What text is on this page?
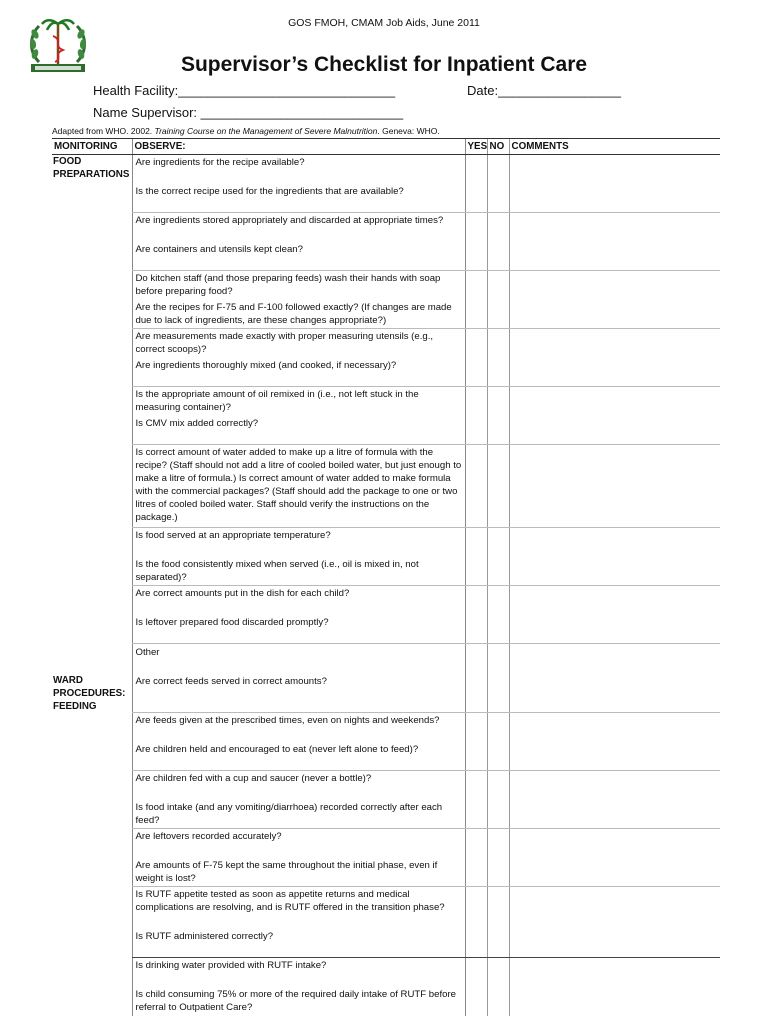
GOS FMOH, CMAM Job Aids, June 2011
Supervisor’s Checklist for Inpatient Care
Health Facility:______________________________	Date:_________________
Name Supervisor: ____________________________
Adapted from WHO. 2002. Training Course on the Management of Severe Malnutrition. Geneva: WHO.
MONITORING	OBSERVE:	YES	NO	COMMENTS
FOOD PREPARATIONS	Are ingredients for the recipe available?
Is the correct recipe used for the ingredients that are available?			

	Are ingredients stored appropriately and discarded at appropriate times?
Are containers and utensils kept clean?			

	Do kitchen staff (and those preparing feeds) wash their hands with soap before preparing food?
Are the recipes for F-75 and F-100 followed exactly? (If changes are made due to lack of ingredients, are these changes appropriate?)			

	Are measurements made exactly with proper measuring utensils (e.g., correct scoops)?
Are ingredients thoroughly mixed (and cooked, if necessary)?			

	Is the appropriate amount of oil remixed in (i.e., not left stuck in the measuring container)?
Is CMV mix added correctly?			

	Is correct amount of water added to make up a litre of formula with the recipe? (Staff should not add a litre of cooled boiled water, but just enough to make a litre of formula.) Is correct amount of water added to make formula with the commercial packages? (Staff should add the package to one or two litres of cooled boiled water. Staff should verify the instructions on the package.)			

	Is food served at an appropriate temperature?
Is the food consistently mixed when served (i.e., oil is mixed in, not separated)?			

	Are correct amounts put in the dish for each child?
Is leftover prepared food discarded promptly?			

WARD PROCEDURES: FEEDING	Other
Are correct feeds served in correct amounts?			

	Are feeds given at the prescribed times, even on nights and weekends?
Are children held and encouraged to eat (never left alone to feed)?			

	Are children fed with a cup and saucer (never a bottle)?
Is food intake (and any vomiting/diarrhoea) recorded correctly after each feed?			

	Are leftovers recorded accurately?
Are amounts of F-75 kept the same throughout the initial phase, even if weight is lost?			

	Is RUTF appetite tested as soon as appetite returns and medical complications are resolving, and is RUTF offered in the transition phase?
Is RUTF administered correctly?			

	Is drinking water provided with RUTF intake?
Is child consuming 75% or more of the required daily intake of RUTF before referral to Outpatient Care?			
